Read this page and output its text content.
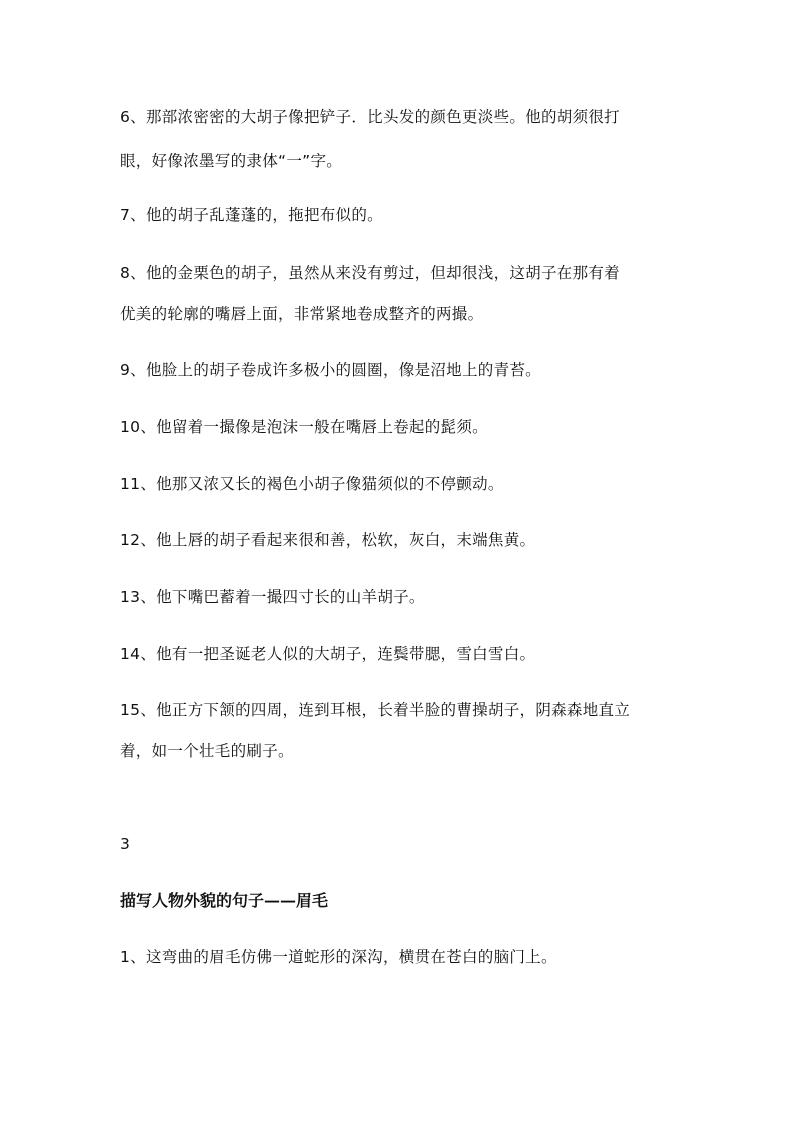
6、那部浓密密的大胡子像把铲子．比头发的颜色更淡些。他的胡须很打
眼，好像浓墨写的隶体“一”字。
7、他的胡子乱蓬蓬的，拖把布似的。
8、他的金栗色的胡子，虽然从来没有剪过，但却很浅，这胡子在那有着
优美的轮廓的嘴唇上面，非常紧地卷成整齐的两撮。
9、他脸上的胡子卷成许多极小的圆圈，像是沼地上的青苔。
10、他留着一撮像是泡沫一般在嘴唇上卷起的髭须。
11、他那又浓又长的褐色小胡子像猫须似的不停颤动。
12、他上唇的胡子看起来很和善，松软，灰白，末端焦黄。
13、他下嘴巴蓄着一撮四寸长的山羊胡子。
14、他有一把圣诞老人似的大胡子，连鬓带腮，雪白雪白。
15、他正方下颔的四周，连到耳根，长着半脸的曹操胡子，阴森森地直立
着，如一个壮毛的刷子。
3
描写人物外貌的句子——眉毛
1、这弯曲的眉毛仿佛一道蛇形的深沟，横贯在苍白的脑门上。
